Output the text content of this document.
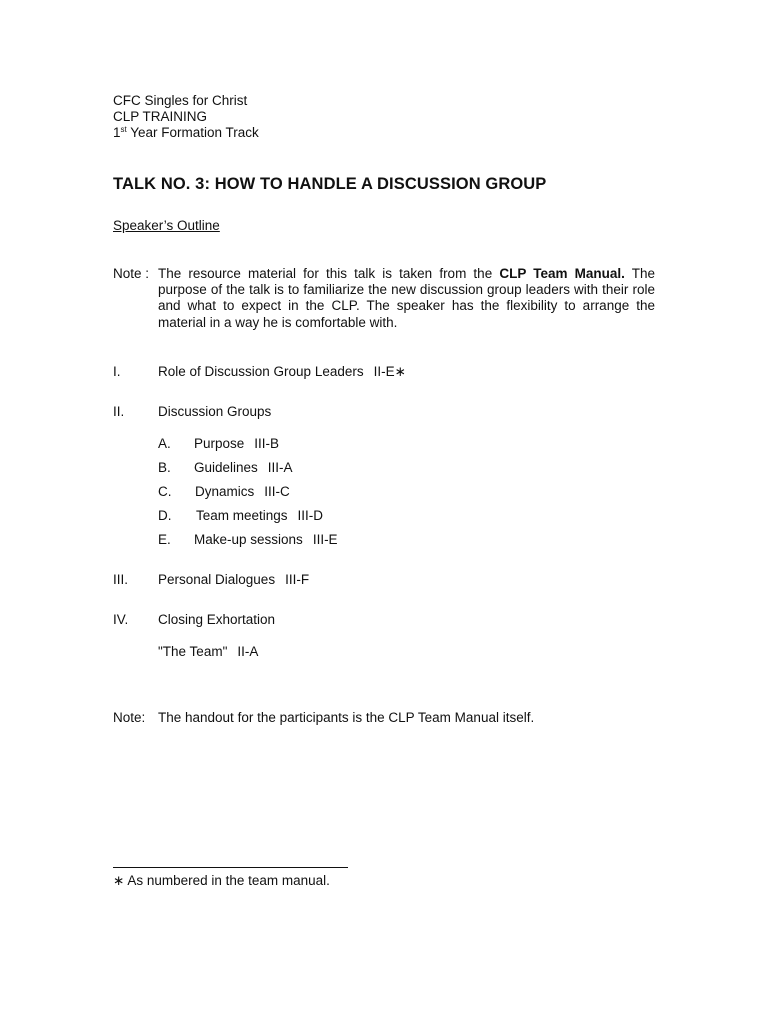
CFC Singles for Christ
CLP TRAINING
1st Year Formation Track
TALK NO. 3: HOW TO HANDLE A DISCUSSION GROUP
Speaker’s Outline
Note : The resource material for this talk is taken from the CLP Team Manual. The purpose of the talk is to familiarize the new discussion group leaders with their role and what to expect in the CLP. The speaker has the flexibility to arrange the material in a way he is comfortable with.
I.	Role of Discussion Group Leaders II-E∗
II. Discussion Groups
A. Purpose III-B
B. Guidelines III-A
C. Dynamics III-C
D. Team meetings III-D
E. Make-up sessions III-E
III. Personal Dialogues III-F
IV. Closing Exhortation
"The Team" II-A
Note: The handout for the participants is the CLP Team Manual itself.
∗ As numbered in the team manual.
